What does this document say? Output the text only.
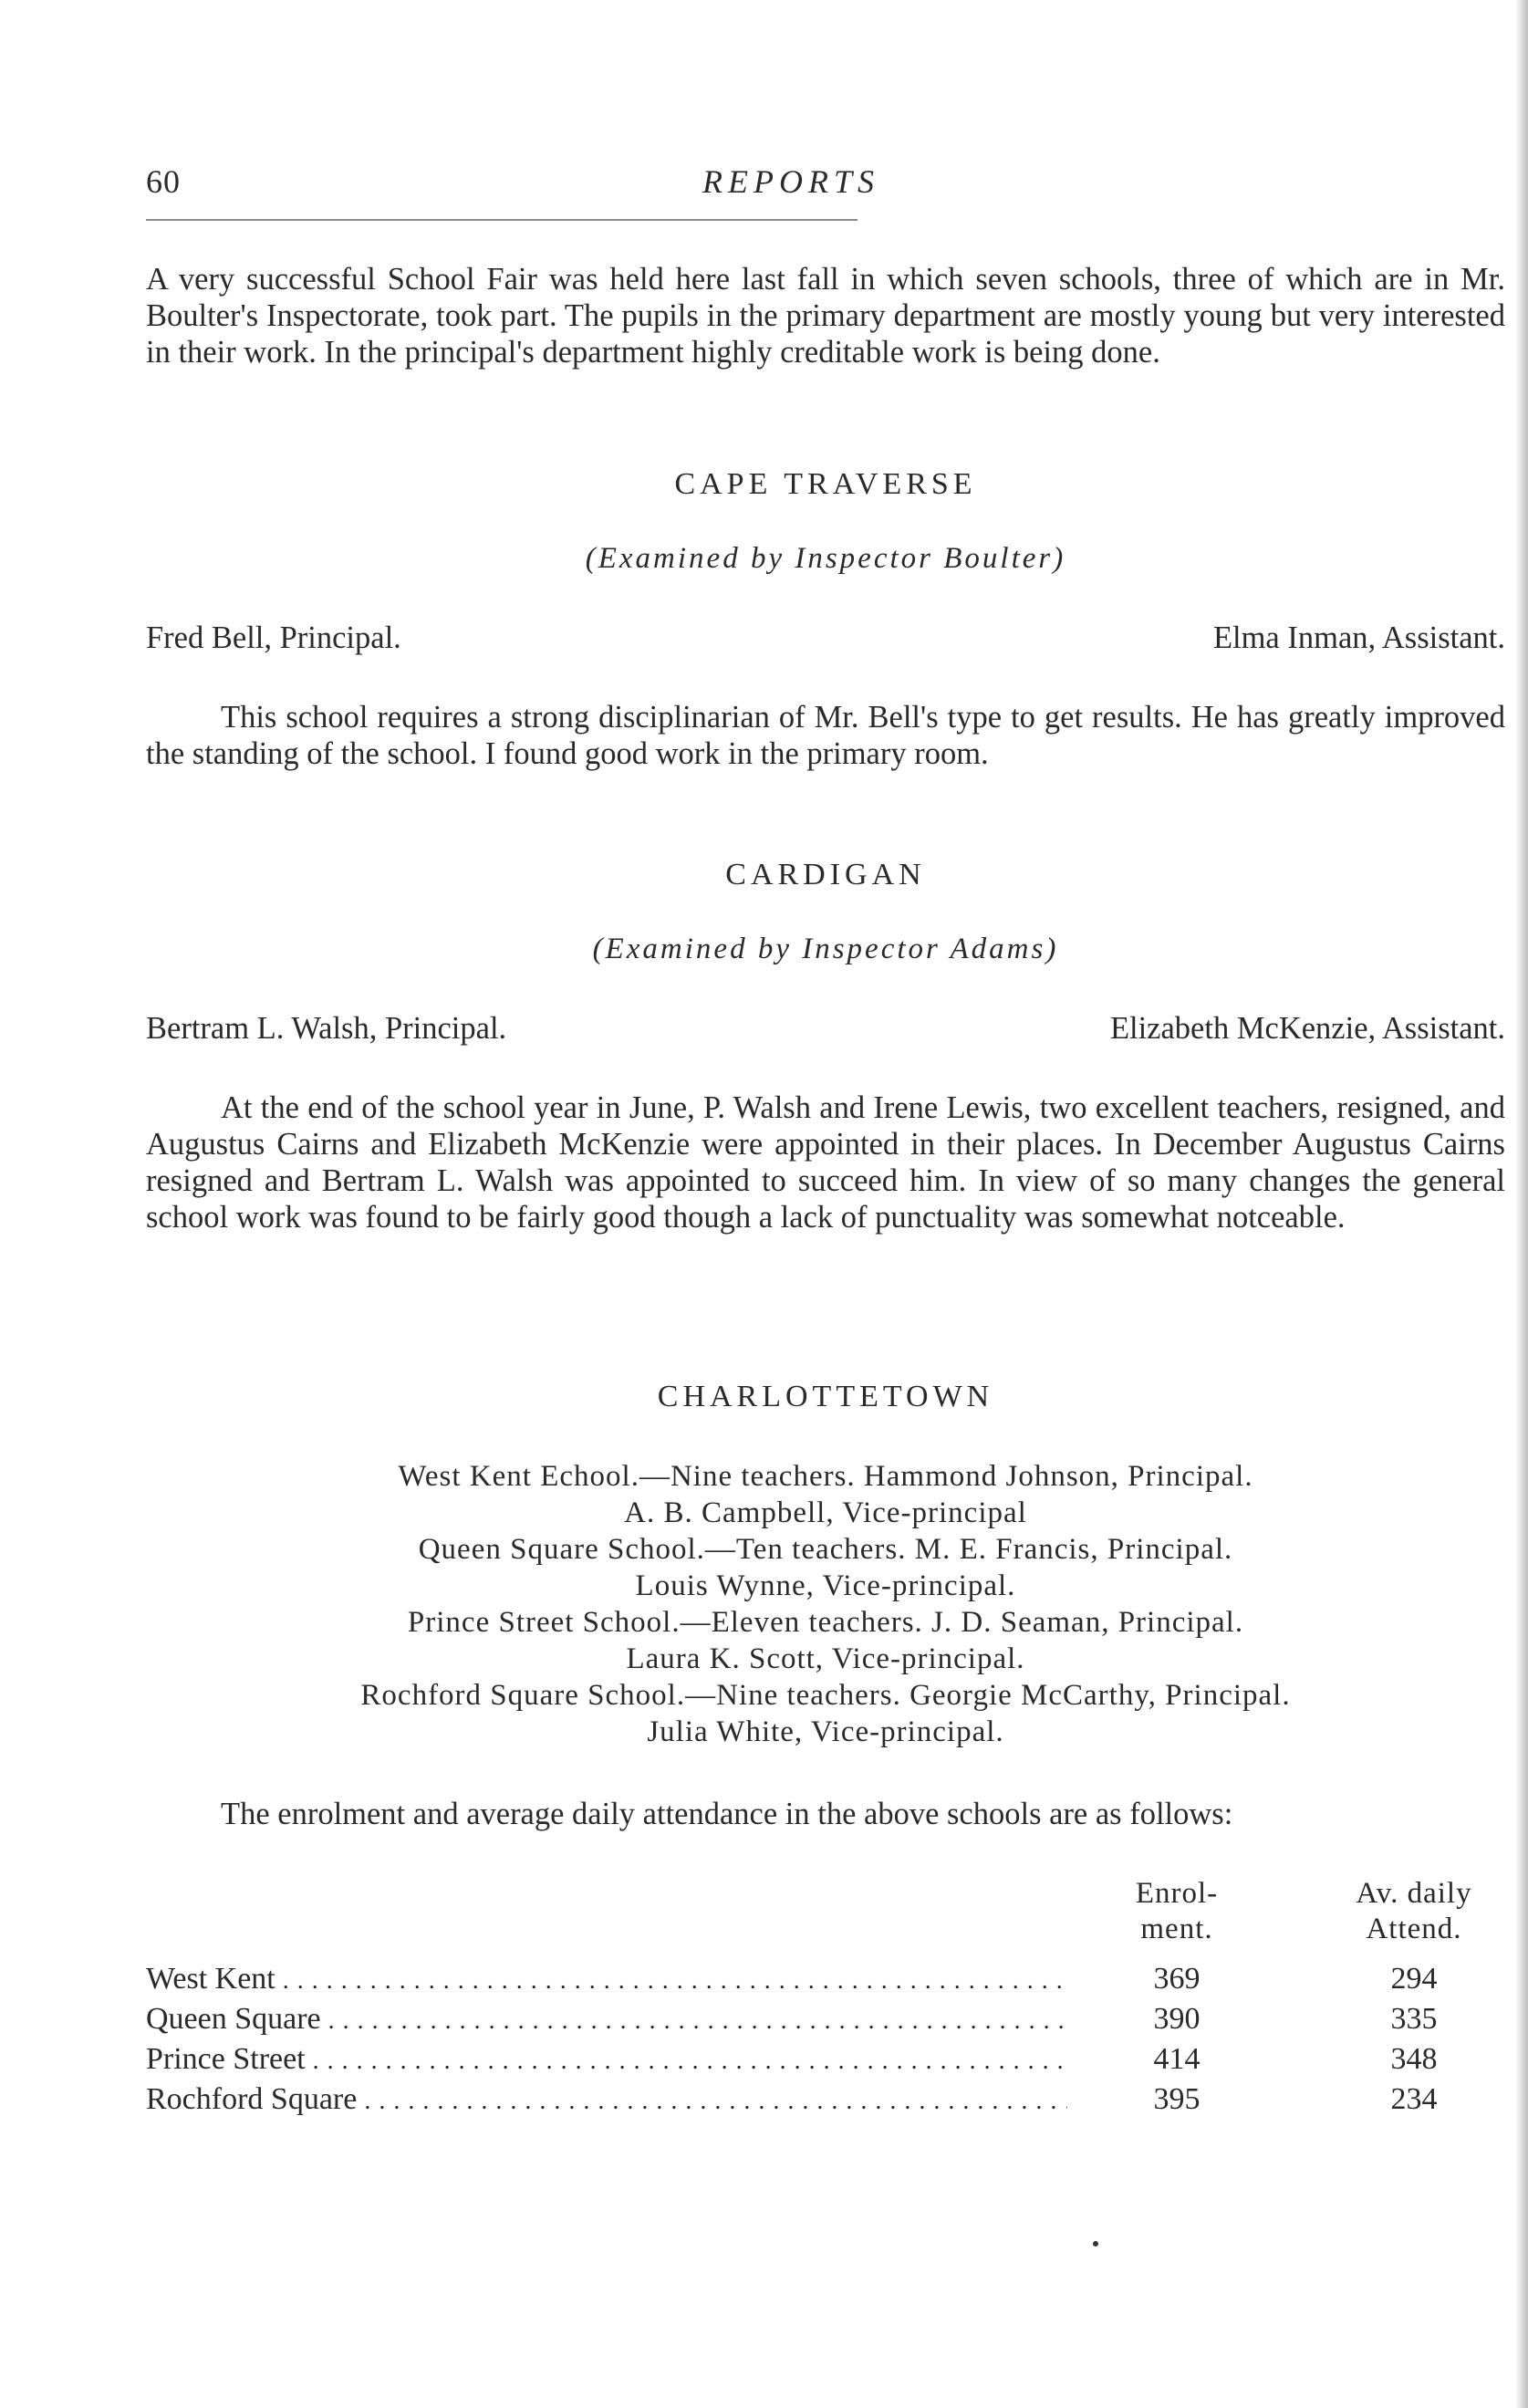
60	REPORTS

A very successful School Fair was held here last fall in which seven schools, three of which are in Mr. Boulter's Inspectorate, took part. The pupils in the primary department are mostly young but very interested in their work. In the principal's department highly creditable work is being done.

CAPE TRAVERSE

(Examined by Inspector Boulter)

Fred Bell, Principal.	Elma Inman, Assistant.

This school requires a strong disciplinarian of Mr. Bell's type to get results. He has greatly improved the standing of the school. I found good work in the primary room.

CARDIGAN

(Examined by Inspector Adams)

Bertram L. Walsh, Principal.	Elizabeth McKenzie, Assistant.

At the end of the school year in June, P. Walsh and Irene Lewis, two excellent teachers, resigned, and Augustus Cairns and Elizabeth McKenzie were appointed in their places. In December Augustus Cairns resigned and Bertram L. Walsh was appointed to succeed him. In view of so many changes the general school work was found to be fairly good though a lack of punctuality was somewhat notceable.

CHARLOTTETOWN

West Kent Echool.—Nine teachers. Hammond Johnson, Principal.

A. B. Campbell, Vice-principal

Queen Square School.—Ten teachers. M. E. Francis, Principal.

Louis Wynne, Vice-principal.

Prince Street School.—Eleven teachers. J. D. Seaman, Principal.

Laura K. Scott, Vice-principal.

Rochford Square School.—Nine teachers. Georgie McCarthy, Principal.

Julia White, Vice-principal.

The enrolment and average daily attendance in the above schools are as follows:

Enrol-
ment.
Av. daily
Attend.
West Kent . . .	369	294
Queen Square . . .	390	335
Prince Street . . .	414	348
Rochford Square . . .	395	234
